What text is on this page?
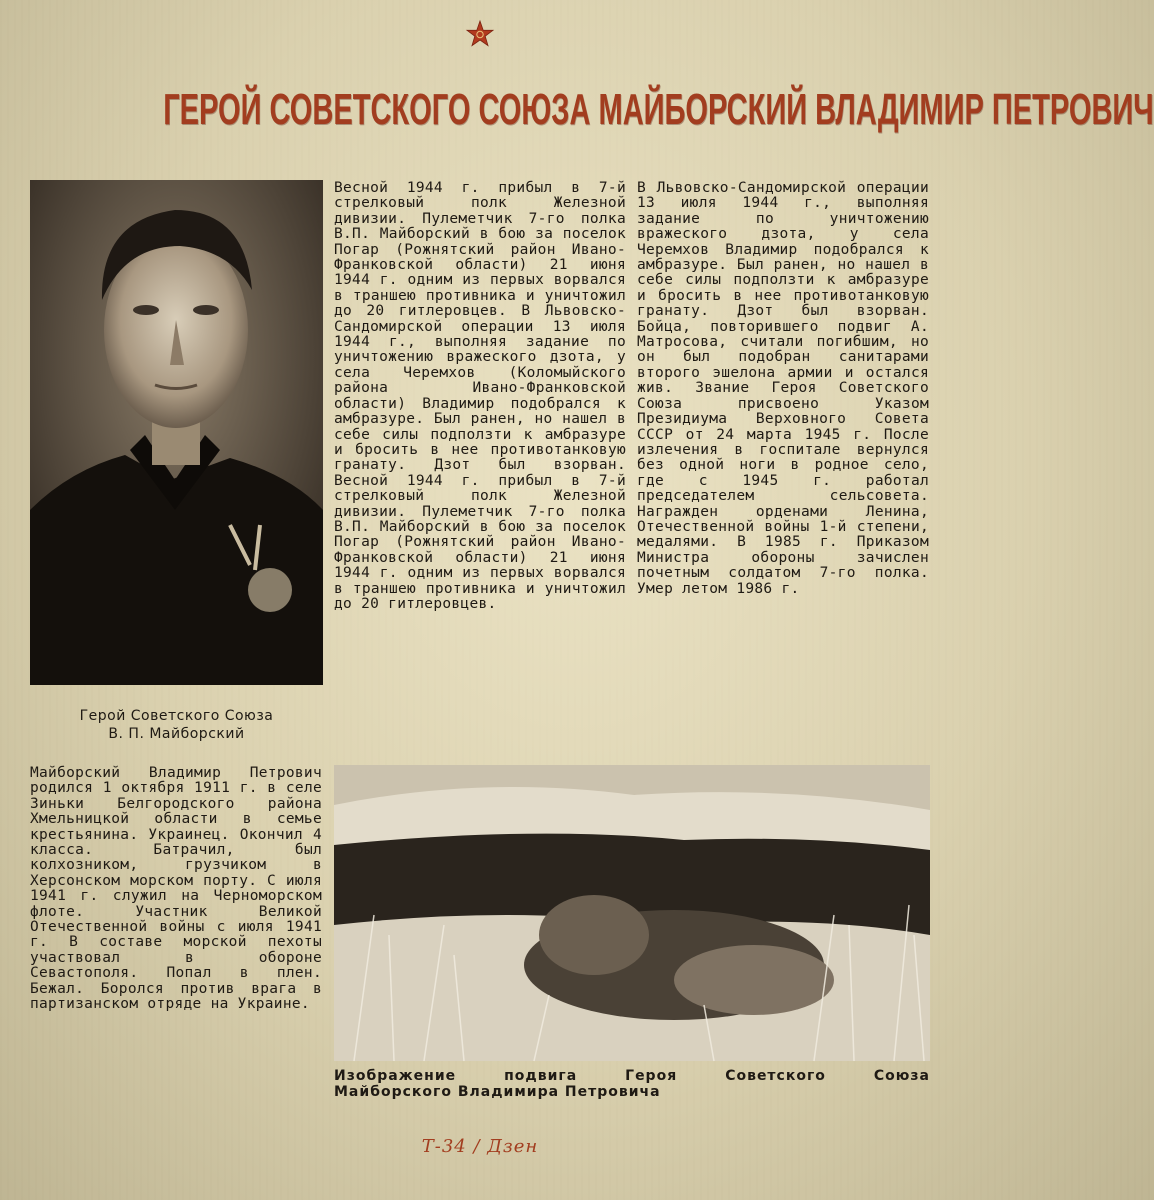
ГЕРОЙ СОВЕТСКОГО СОЮЗА МАЙБОРСКИЙ ВЛАДИМИР ПЕТРОВИЧ
Герой Советского Союза
В. П. Майборский

Весной 1944 г. прибыл в 7-й стрелковый полк Железной дивизии. Пулеметчик 7-го полка В.П. Майборский в бою за поселок Погар (Рожнятский район Ивано-Франковской области) 21 июня 1944 г. одним из первых ворвался в траншею противника и уничтожил до 20 гитлеровцев. В Львовско-Сандомирской операции 13 июля 1944 г., выполняя задание по уничтожению вражеского дзота, у села Черемхов (Коломыйского района Ивано-Франковской области) Владимир подобрался к амбразуре. Был ранен, но нашел в себе силы подползти к амбразуре и бросить в нее противотанковую гранату. Дзот был взорван. Весной 1944 г. прибыл в 7-й стрелковый полк Железной дивизии. Пулеметчик 7-го полка В.П. Майборский в бою за поселок Погар (Рожнятский район Ивано-Франковской области) 21 июня 1944 г. одним из первых ворвался в траншею противника и уничтожил до 20 гитлеровцев.

В Львовско-Сандомирской операции 13 июля 1944 г., выполняя задание по уничтожению вражеского дзота, у села Черемхов Владимир подобрался к амбразуре. Был ранен, но нашел в себе силы подползти к амбразуре и бросить в нее противотанковую гранату. Дзот был взорван. Бойца, повторившего подвиг А. Матросова, считали погибшим, но он был подобран санитарами второго эшелона армии и остался жив. Звание Героя Советского Союза присвоено Указом Президиума Верховного Совета СССР от 24 марта 1945 г. После излечения в госпитале вернулся без одной ноги в родное село, где с 1945 г. работал председателем сельсовета. Награжден орденами Ленина, Отечественной войны 1-й степени, медалями. В 1985 г. Приказом Министра обороны зачислен почетным солдатом 7-го полка. Умер летом 1986 г.

Майборский Владимир Петрович родился 1 октября 1911 г. в селе Зиньки Белгородского района Хмельницкой области в семье крестьянина. Украинец. Окончил 4 класса. Батрачил, был колхозником, грузчиком в Херсонском морском порту. С июля 1941 г. служил на Черноморском флоте. Участник Великой Отечественной войны с июля 1941 г. В составе морской пехоты участвовал в обороне Севастополя. Попал в плен. Бежал. Боролся против врага в партизанском отряде на Украине.

Изображение подвига Героя Советского Союза
Майборского Владимира Петровича
Т-34 / Дзен
